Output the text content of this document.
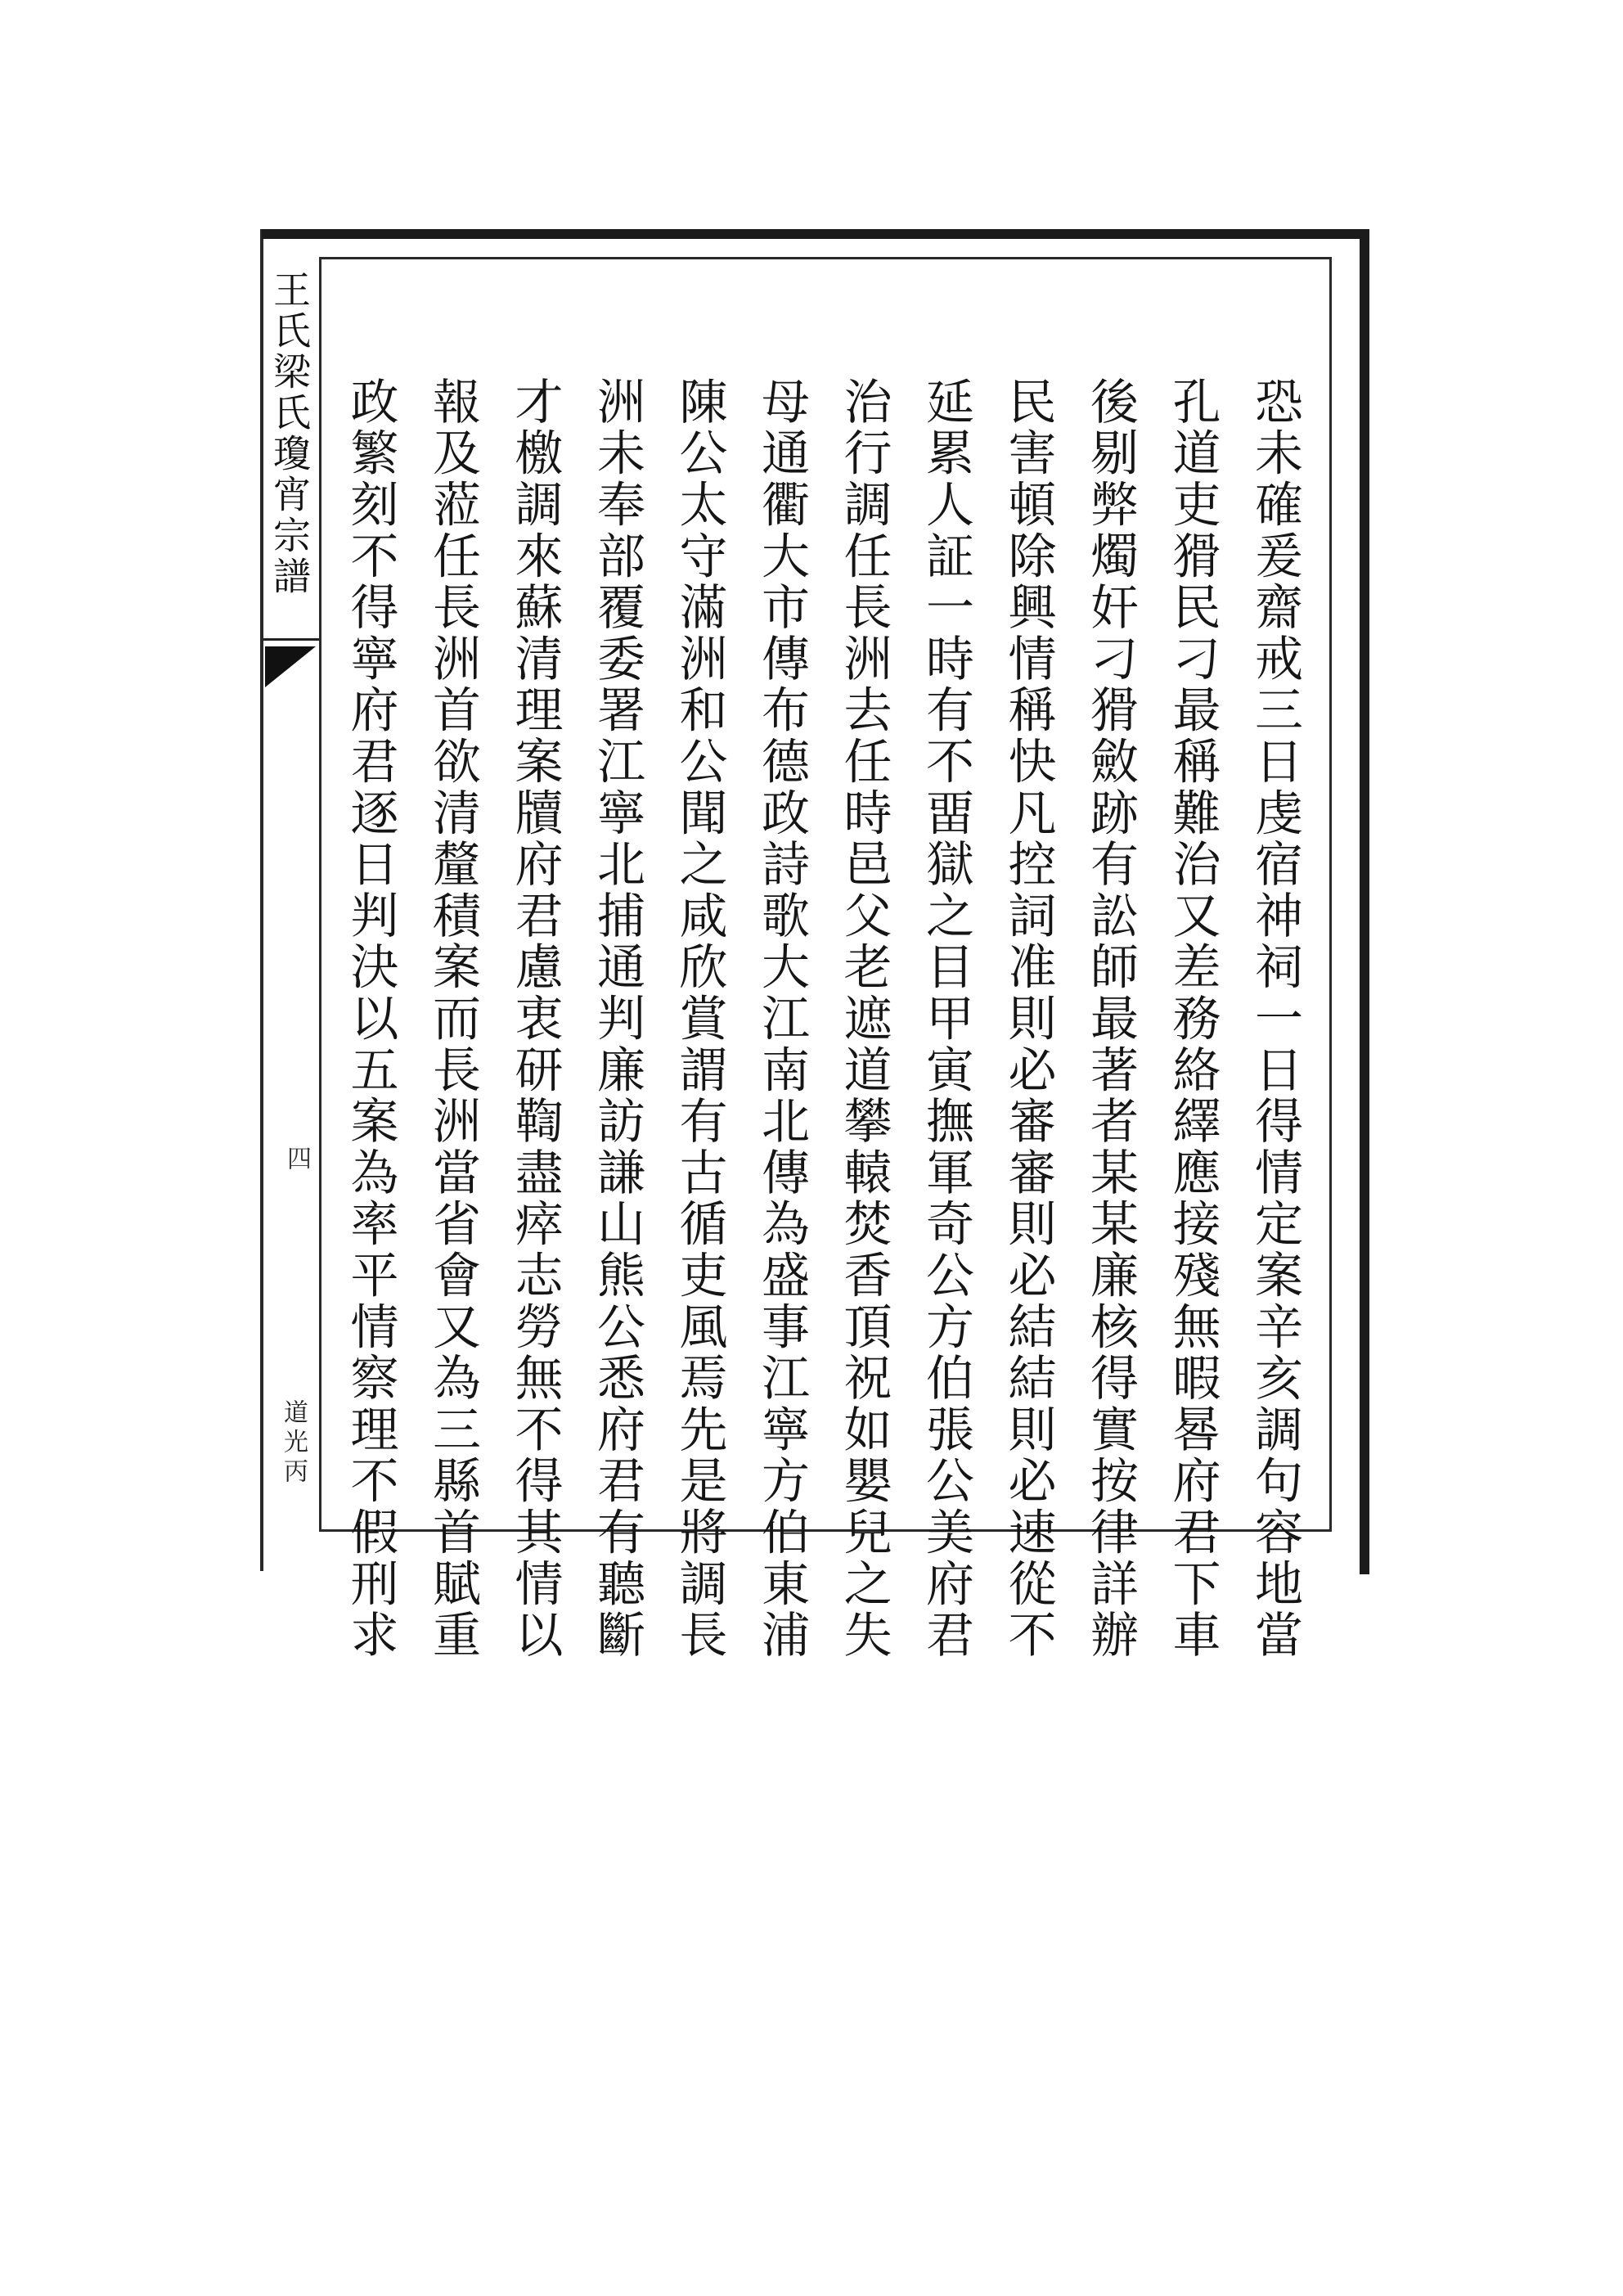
王氏梁氏瓊宵宗譜
四
道光丙	恐未確爰齋戒三日虔宿神祠一日得情定案辛亥調句容地當
孔道吏猾民刁最稱難治又差務絡繹應接殘無暇晷府君下車
後剔弊燭奸刁猾斂跡有訟師最著者某某廉核得實按律詳辦
民害頓除興情稱快凡控詞准則必審審則必結結則必速從不
延累人証一時有不畱獄之目甲寅撫軍奇公方伯張公美府君
治行調任長洲去任時邑父老遮道攀轅焚香頂祝如嬰兒之失
母通衢大市傳布德政詩歌大江南北傳為盛事江寧方伯東浦
陳公太守滿洲和公聞之咸欣賞謂有古循吏風焉先是將調長
洲未奉部覆委署江寧北捕通判廉訪謙山熊公悉府君有聽斷
才檄調來蘇清理案牘府君慮衷研鞫盡瘁志勞無不得其情以
報及蒞任長洲首欲清釐積案而長洲當省會又為三縣首賦重
政繁刻不得寧府君逐日判決以五案為率平情察理不假刑求
